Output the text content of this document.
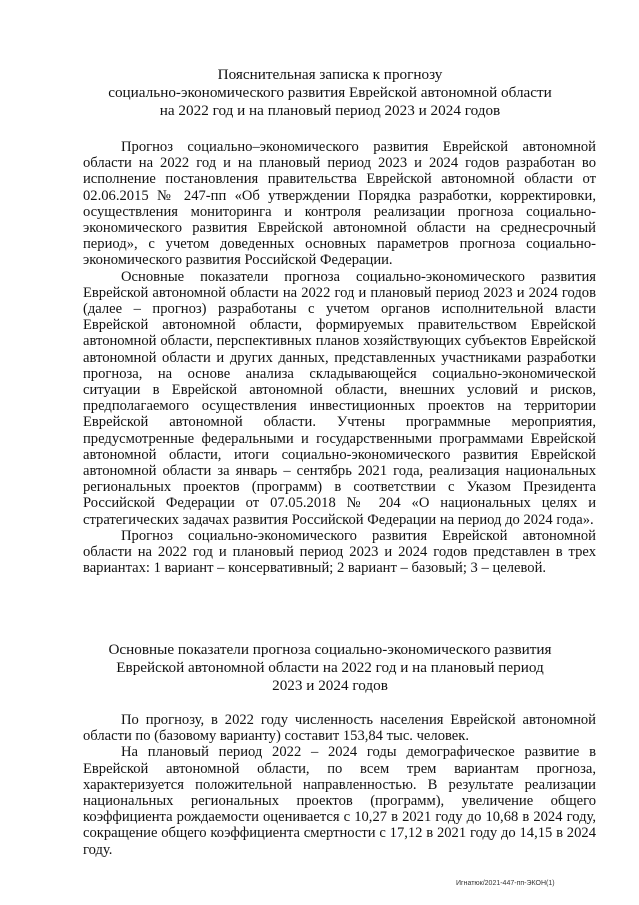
Пояснительная записка к прогнозу
социально-экономического развития Еврейской автономной области
на 2022 год и на плановый период 2023 и 2024 годов

Прогноз социально–экономического развития Еврейской автономной области на 2022 год и на плановый период 2023 и 2024 годов разработан во исполнение постановления правительства Еврейской автономной области от 02.06.2015 № 247-пп «Об утверждении Порядка разработки, корректировки, осуществления мониторинга и контроля реализации прогноза социально-экономического развития Еврейской автономной области на среднесрочный период», с учетом доведенных основных параметров прогноза социально-экономического развития Российской Федерации.

Основные показатели прогноза социально-экономического развития Еврейской автономной области на 2022 год и плановый период 2023 и 2024 годов (далее – прогноз) разработаны с учетом органов исполнительной власти Еврейской автономной области, формируемых правительством Еврейской автономной области, перспективных планов хозяйствующих субъектов Еврейской автономной области и других данных, представленных участниками разработки прогноза, на основе анализа складывающейся социально-экономической ситуации в Еврейской автономной области, внешних условий и рисков, предполагаемого осуществления инвестиционных проектов на территории Еврейской автономной области. Учтены программные мероприятия, предусмотренные федеральными и государственными программами Еврейской автономной области, итоги социально-экономического развития Еврейской автономной области за январь – сентябрь 2021 года, реализация национальных региональных проектов (программ) в соответствии с Указом Президента Российской Федерации от 07.05.2018 № 204 «О национальных целях и стратегических задачах развития Российской Федерации на период до 2024 года».

Прогноз социально-экономического развития Еврейской автономной области на 2022 год и плановый период 2023 и 2024 годов представлен в трех вариантах: 1 вариант – консервативный; 2 вариант – базовый; 3 – целевой.

Основные показатели прогноза социально-экономического развития
Еврейской автономной области на 2022 год и на плановый период
2023 и 2024 годов

По прогнозу, в 2022 году численность населения Еврейской автономной области по (базовому варианту) составит 153,84 тыс. человек.

На плановый период 2022 – 2024 годы демографическое развитие в Еврейской автономной области, по всем трем вариантам прогноза, характеризуется положительной направленностью. В результате реализации национальных региональных проектов (программ), увеличение общего коэффициента рождаемости оценивается с 10,27 в 2021 году до 10,68 в 2024 году, сокращение общего коэффициента смертности с 17,12 в 2021 году до 14,15 в 2024 году.

Игнатюк/2021-447-пп-ЭКОН(1)
